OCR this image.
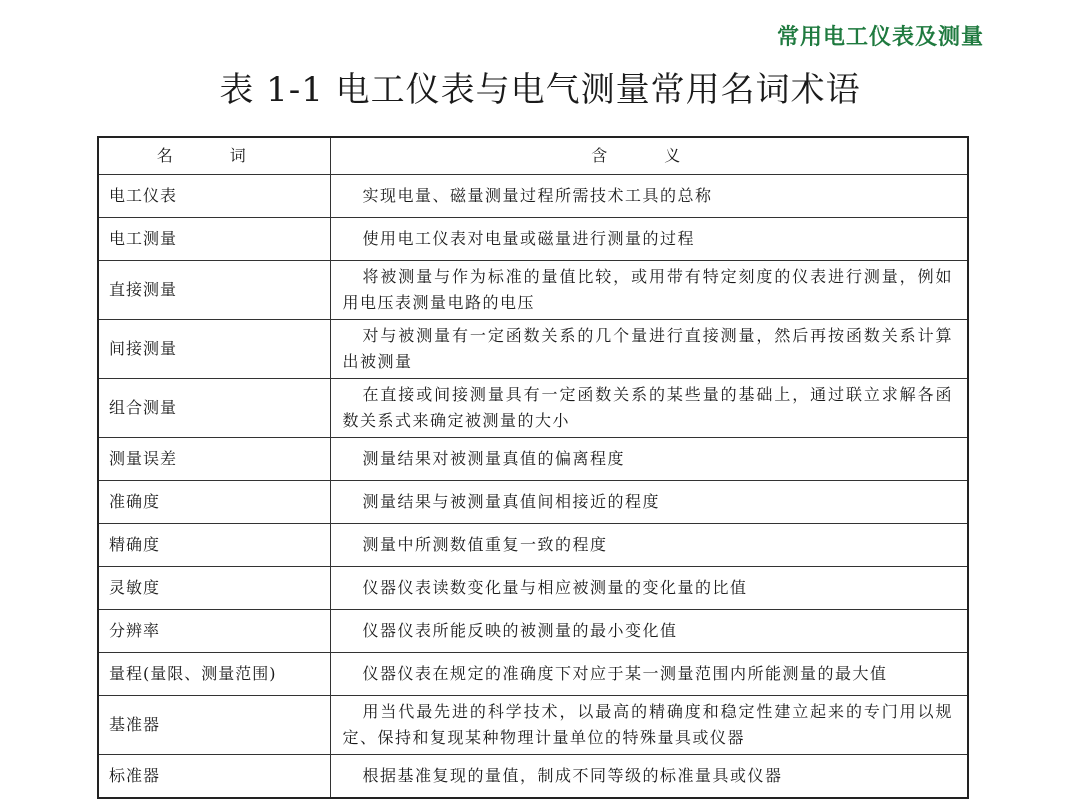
常用电工仪表及测量
表 1-1 电工仪表与电气测量常用名词术语
名 词	含 义
电工仪表	实现电量、磁量测量过程所需技术工具的总称
电工测量	使用电工仪表对电量或磁量进行测量的过程
直接测量	将被测量与作为标准的量值比较，或用带有特定刻度的仪表进行测量，例如用电压表测量电路的电压
间接测量	对与被测量有一定函数关系的几个量进行直接测量，然后再按函数关系计算出被测量
组合测量	在直接或间接测量具有一定函数关系的某些量的基础上，通过联立求解各函数关系式来确定被测量的大小
测量误差	测量结果对被测量真值的偏离程度
准确度	测量结果与被测量真值间相接近的程度
精确度	测量中所测数值重复一致的程度
灵敏度	仪器仪表读数变化量与相应被测量的变化量的比值
分辨率	仪器仪表所能反映的被测量的最小变化值
量程(量限、测量范围)	仪器仪表在规定的准确度下对应于某一测量范围内所能测量的最大值
基准器	用当代最先进的科学技术，以最高的精确度和稳定性建立起来的专门用以规定、保持和复现某种物理计量单位的特殊量具或仪器
标准器	根据基准复现的量值，制成不同等级的标准量具或仪器
